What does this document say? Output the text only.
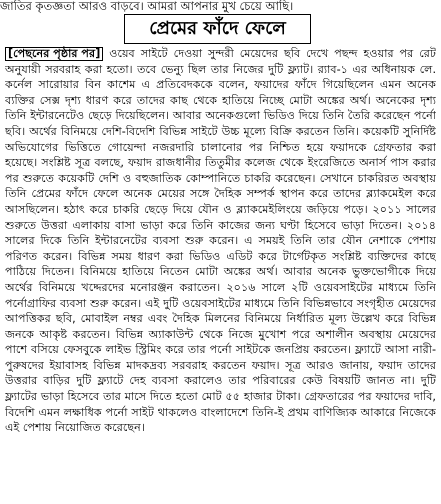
জাতির কৃতজ্ঞতা আরও বাড়বে। আমরা আপনার মুখ চেয়ে আছি।
প্রেমের ফাঁদে ফেলে
[পেছনের পৃষ্ঠার পর] ওয়েব সাইটে দেওয়া সুন্দরী মেয়েদের ছবি দেখে পছন্দ হওয়ার পর রেট অনুযায়ী সরবরাহ করা হতো। তবে ভেন্যু ছিল তার নিজের দুটি ফ্ল্যাট। র‍্যাব-১ এর অধিনায়ক লে. কর্নেল সারোয়ার বিন কাশেম এ প্রতিবেদককে বলেন, ফয়াদের ফাঁদে গিয়েছিলেন এমন অনেক ব্যক্তির সেক্স দৃশ্য ধারণ করে তাদের কাছ থেকে হাতিয়ে নিচ্ছে মোটা অঙ্কের অর্থ। অনেকের দৃশ্য তিনি ইন্টারনেটেও ছেড়ে দিয়েছিলেন। আবার অনেকগুলো ভিডিও দিয়ে তিনি তৈরি করেছেন পর্নো ছবি। অর্থের বিনিময়ে দেশি-বিদেশি বিভিন্ন সাইটে উচ্চ মূল্যে বিক্রি করতেন তিনি। কয়েকটি সুনির্দিষ্ট অভিযোগের ভিত্তিতে গোয়েন্দা নজরদারি চালানোর পর নিশ্চিত হয়ে ফয়াদকে গ্রেফতার করা হয়েছে। সংশ্লিষ্ট সূত্র বলছে, ফয়াদ রাজধানীর তিতুমীর কলেজ থেকে ইংরেজিতে অনার্স পাস করার পর শুরুতে কয়েকটি দেশি ও বহুজাতিক কোম্পানিতে চাকরি করেছেন। সেখানে চাকরিরত অবস্থায় তিনি প্রেমের ফাঁদে ফেলে অনেক মেয়ের সঙ্গে দৈহিক সম্পর্ক স্থাপন করে তাদের ব্ল্যাকমেইল করে আসছিলেন। হঠাৎ করে চাকরি ছেড়ে দিয়ে যৌন ও ব্ল্যাকমেইলিংয়ে জড়িয়ে পড়ে। ২০১১ সালের শুরুতে উত্তরা এলাকায় বাসা ভাড়া করে তিনি কাজের জন্য ঘণ্টা হিসেবে ভাড়া দিতেন। ২০১৪ সালের দিকে তিনি ইন্টারনেটের ব্যবসা শুরু করেন। এ সময়ই তিনি তার যৌন নেশাকে পেশায় পরিণত করেন। বিভিন্ন সময় ধারণ করা ভিডিও এডিট করে টার্গেটকৃত সংশ্লিষ্ট ব্যক্তিদের কাছে পাঠিয়ে দিতেন। বিনিময়ে হাতিয়ে নিতেন মোটা অঙ্কের অর্থ। আবার অনেক ভুক্তভোগীকে দিয়ে অর্থের বিনিময়ে খদ্দেরদের মনোরঞ্জন করাতেন। ২০১৬ সালে ২টি ওয়েবসাইটের মাধ্যমে তিনি পর্নোগ্রাফির ব্যবসা শুরু করেন। এই দুটি ওয়েবসাইটের মাধ্যমে তিনি বিভিন্নভাবে সংগৃহীত মেয়েদের আপত্তিকর ছবি, মোবাইল নম্বর এবং দৈহিক মিলনের বিনিময়ে নির্ধারিত মূল্য উল্লেখ করে বিভিন্ন জনকে আকৃষ্ট করতেন। বিভিন্ন অ্যাকাউন্ট থেকে নিজে মুখোশ পরে অশালীন অবস্থায় মেয়েদের পাশে বসিয়ে ফেসবুকে লাইভ স্ট্রিমিং করে তার পর্নো সাইটকে জনপ্রিয় করতেন। ফ্ল্যাটে আসা নারী-পুরুষদের ইয়াবাসহ বিভিন্ন মাদকদ্রব্য সরবরাহ করতেন ফয়াদ। সূত্র আরও জানায়, ফয়াদ তাদের উত্তরার বাড়ির দুটি ফ্ল্যাটে দেহ ব্যবসা করালেও তার পরিবারের কেউ বিষয়টি জানত না। দুটি ফ্ল্যাটের ভাড়া হিসেবে তার মাসে দিতে হতো মোট ৫৫ হাজার টাকা। গ্রেফতারের পর ফয়াদের দাবি, বিদেশি এমন লক্ষাধিক পর্নো সাইট থাকলেও বাংলাদেশে তিনি-ই প্রথম বাণিজ্যিক আকারে নিজেকে এই পেশায় নিয়োজিত করেছেন।
